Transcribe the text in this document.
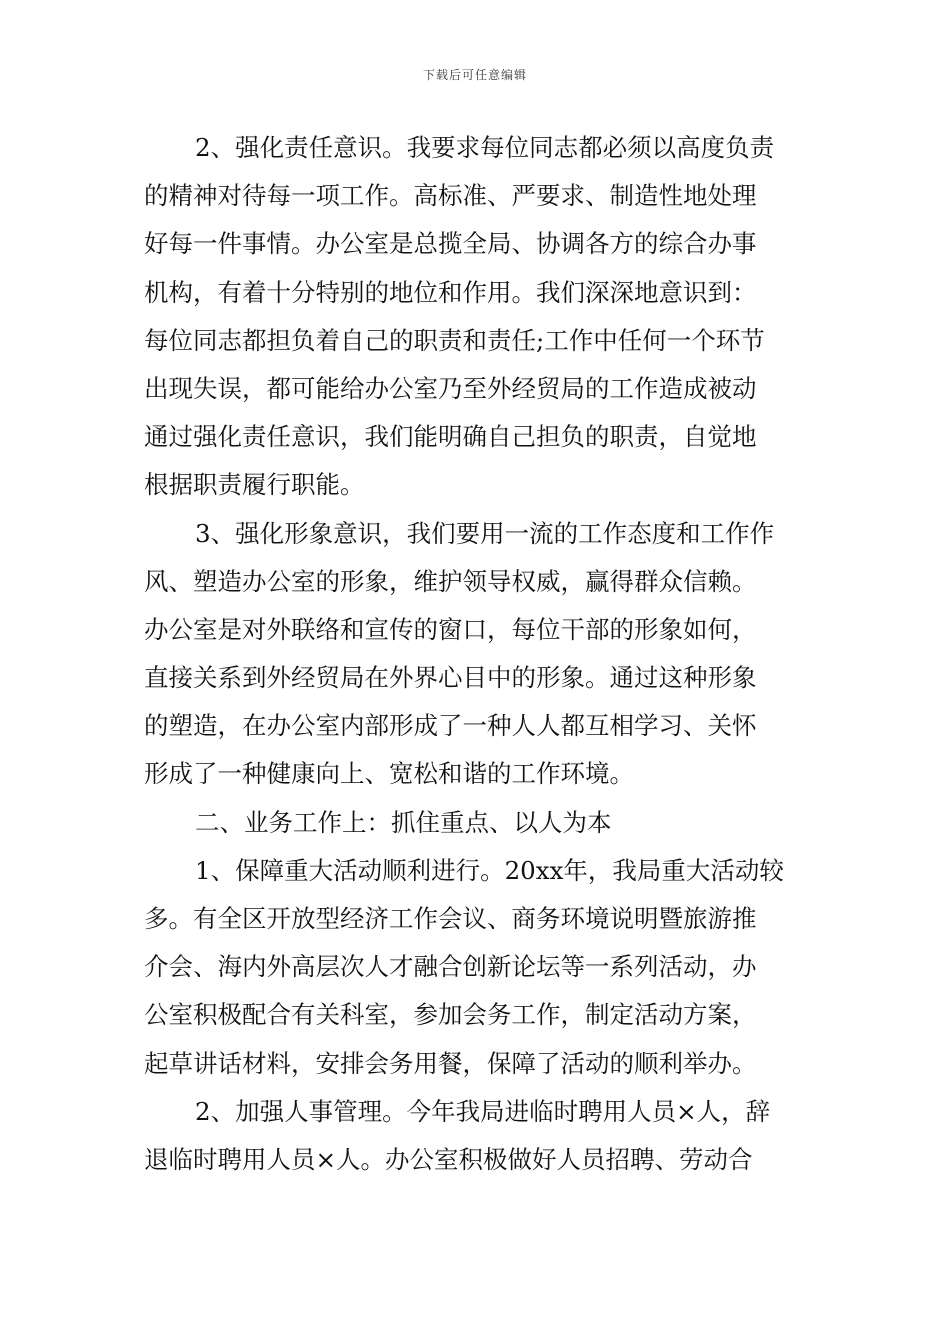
下载后可任意编辑
2、强化责任意识。我要求每位同志都必须以高度负责
的精神对待每一项工作。高标准、严要求、制造性地处理
好每一件事情。办公室是总揽全局、协调各方的综合办事
机构，有着十分特别的地位和作用。我们深深地意识到：
每位同志都担负着自己的职责和责任;工作中任何一个环节
出现失误，都可能给办公室乃至外经贸局的工作造成被动
通过强化责任意识，我们能明确自己担负的职责，自觉地
根据职责履行职能。
3、强化形象意识，我们要用一流的工作态度和工作作
风、塑造办公室的形象，维护领导权威，赢得群众信赖。
办公室是对外联络和宣传的窗口，每位干部的形象如何，
直接关系到外经贸局在外界心目中的形象。通过这种形象
的塑造，在办公室内部形成了一种人人都互相学习、关怀
形成了一种健康向上、宽松和谐的工作环境。
二、业务工作上：抓住重点、以人为本
1、保障重大活动顺利进行。20xx年，我局重大活动较
多。有全区开放型经济工作会议、商务环境说明暨旅游推
介会、海内外高层次人才融合创新论坛等一系列活动，办
公室积极配合有关科室，参加会务工作，制定活动方案，
起草讲话材料，安排会务用餐，保障了活动的顺利举办。
2、加强人事管理。今年我局进临时聘用人员×人，辞
退临时聘用人员×人。办公室积极做好人员招聘、劳动合
